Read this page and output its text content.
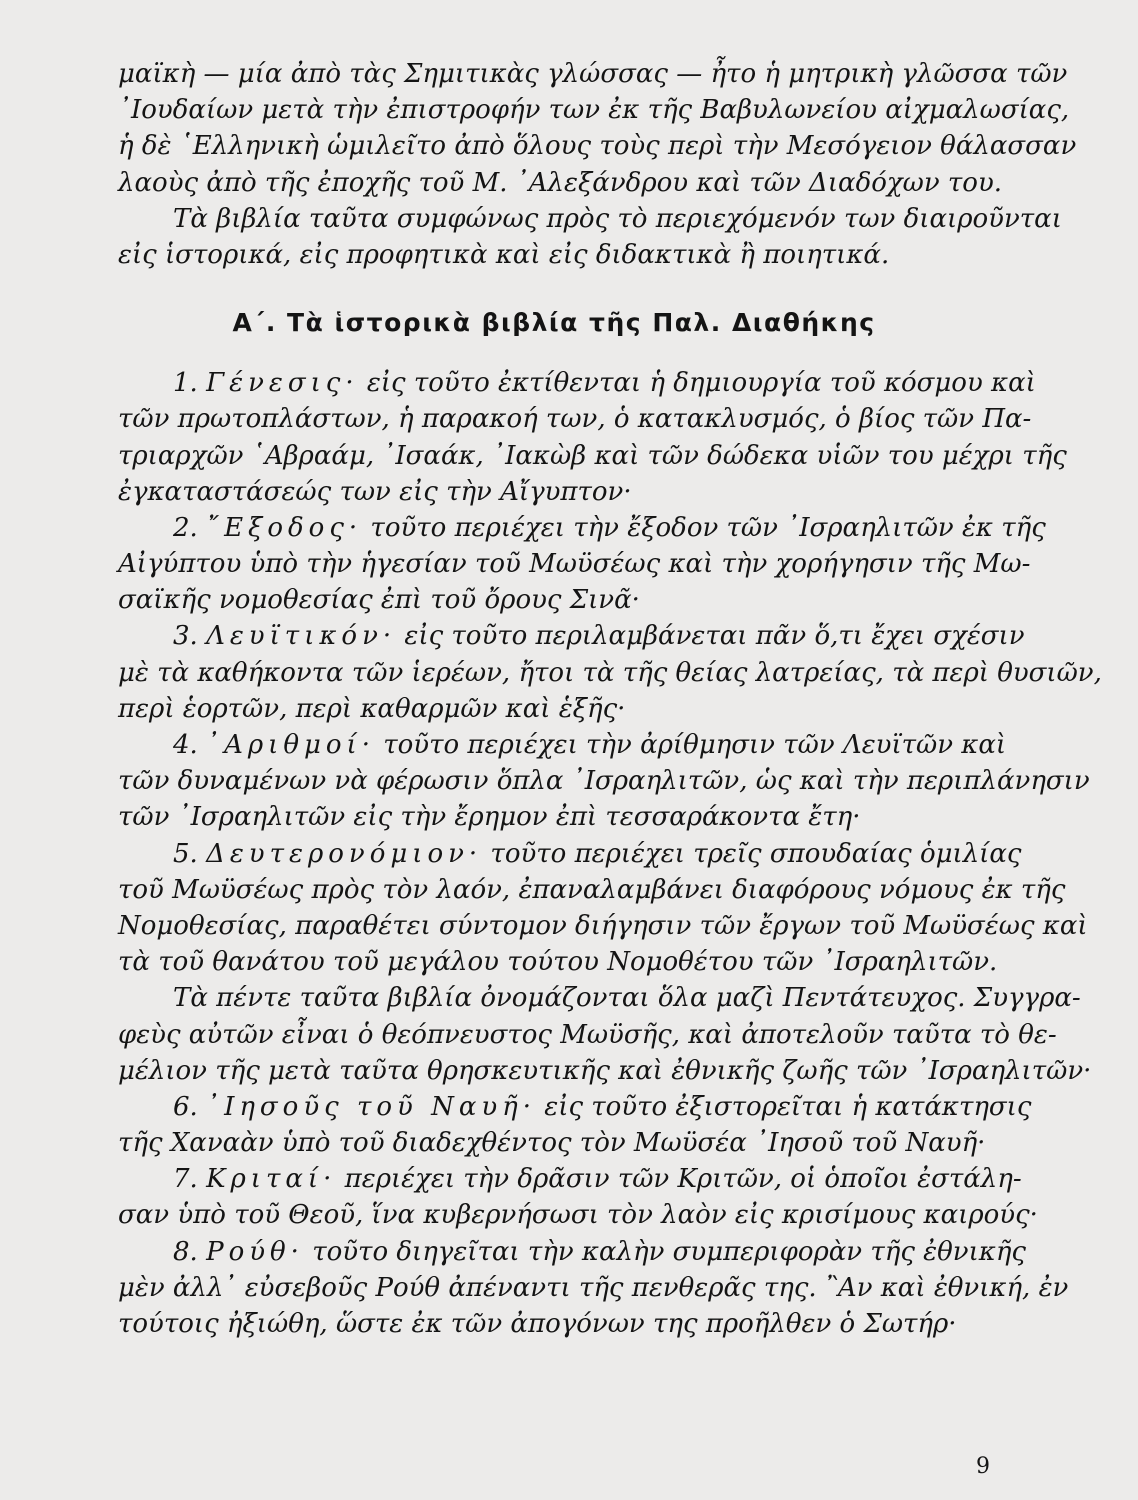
μαϊκὴ — μία ἀπὸ τὰς Σημιτικὰς γλώσσας — ἦτο ἡ μητρικὴ γλῶσσα τῶν
᾿Ιουδαίων μετὰ τὴν ἐπιστροφήν των ἐκ τῆς Βαβυλωνείου αἰχμαλωσίας,
ἡ δὲ ῾Ελληνικὴ ὡμιλεῖτο ἀπὸ ὅλους τοὺς περὶ τὴν Μεσόγειον θάλασσαν
λαοὺς ἀπὸ τῆς ἐποχῆς τοῦ Μ. ᾿Αλεξάνδρου καὶ τῶν Διαδόχων του.
Τὰ βιβλία ταῦτα συμφώνως πρὸς τὸ περιεχόμενόν των διαιροῦνται
εἰς ἱστορικά, εἰς προφητικὰ καὶ εἰς διδακτικὰ ἢ ποιητικά.
Α΄. Τὰ ἱστορικὰ βιβλία τῆς Παλ. Διαθήκης
1. Γένεσις· εἰς τοῦτο ἐκτίθενται ἡ δημιουργία τοῦ κόσμου καὶ
τῶν πρωτοπλάστων, ἡ παρακοή των, ὁ κατακλυσμός, ὁ βίος τῶν Πα-
τριαρχῶν ῾Αβραάμ, ᾿Ισαάκ, ᾿Ιακὼβ καὶ τῶν δώδεκα υἱῶν του μέχρι τῆς
ἐγκαταστάσεώς των εἰς τὴν Αἴγυπτον·
2. ῎Εξοδος· τοῦτο περιέχει τὴν ἔξοδον τῶν ᾿Ισραηλιτῶν ἐκ τῆς
Αἰγύπτου ὑπὸ τὴν ἡγεσίαν τοῦ Μωϋσέως καὶ τὴν χορήγησιν τῆς Μω-
σαϊκῆς νομοθεσίας ἐπὶ τοῦ ὄρους Σινᾶ·
3. Λευϊτικόν· εἰς τοῦτο περιλαμβάνεται πᾶν ὅ,τι ἔχει σχέσιν
μὲ τὰ καθήκοντα τῶν ἱερέων, ἤτοι τὰ τῆς θείας λατρείας, τὰ περὶ θυσιῶν,
περὶ ἑορτῶν, περὶ καθαρμῶν καὶ ἑξῆς·
4. ᾿Αριθμοί· τοῦτο περιέχει τὴν ἀρίθμησιν τῶν Λευϊτῶν καὶ
τῶν δυναμένων νὰ φέρωσιν ὅπλα ᾿Ισραηλιτῶν, ὡς καὶ τὴν περιπλάνησιν
τῶν ᾿Ισραηλιτῶν εἰς τὴν ἔρημον ἐπὶ τεσσαράκοντα ἔτη·
5. Δευτερονόμιον· τοῦτο περιέχει τρεῖς σπουδαίας ὁμιλίας
τοῦ Μωϋσέως πρὸς τὸν λαόν, ἐπαναλαμβάνει διαφόρους νόμους ἐκ τῆς
Νομοθεσίας, παραθέτει σύντομον διήγησιν τῶν ἔργων τοῦ Μωϋσέως καὶ
τὰ τοῦ θανάτου τοῦ μεγάλου τούτου Νομοθέτου τῶν ᾿Ισραηλιτῶν.
Τὰ πέντε ταῦτα βιβλία ὀνομάζονται ὅλα μαζὶ Πεντάτευχος. Συγγρα-
φεὺς αὐτῶν εἶναι ὁ θεόπνευστος Μωϋσῆς, καὶ ἀποτελοῦν ταῦτα τὸ θε-
μέλιον τῆς μετὰ ταῦτα θρησκευτικῆς καὶ ἐθνικῆς ζωῆς τῶν ᾿Ισραηλιτῶν·
6. ᾿Ιησοῦς τοῦ Ναυῆ· εἰς τοῦτο ἐξιστορεῖται ἡ κατάκτησις
τῆς Χαναὰν ὑπὸ τοῦ διαδεχθέντος τὸν Μωϋσέα ᾿Ιησοῦ τοῦ Ναυῆ·
7. Κριταί· περιέχει τὴν δρᾶσιν τῶν Κριτῶν, οἱ ὁποῖοι ἐστάλη-
σαν ὑπὸ τοῦ Θεοῦ, ἵνα κυβερνήσωσι τὸν λαὸν εἰς κρισίμους καιρούς·
8. Ρούθ· τοῦτο διηγεῖται τὴν καλὴν συμπεριφορὰν τῆς ἐθνικῆς
μὲν ἀλλ᾿ εὐσεβοῦς Ρούθ ἀπέναντι τῆς πενθερᾶς της. ῍Αν καὶ ἐθνική, ἐν
τούτοις ἠξιώθη, ὥστε ἐκ τῶν ἀπογόνων της προῆλθεν ὁ Σωτήρ·
9
